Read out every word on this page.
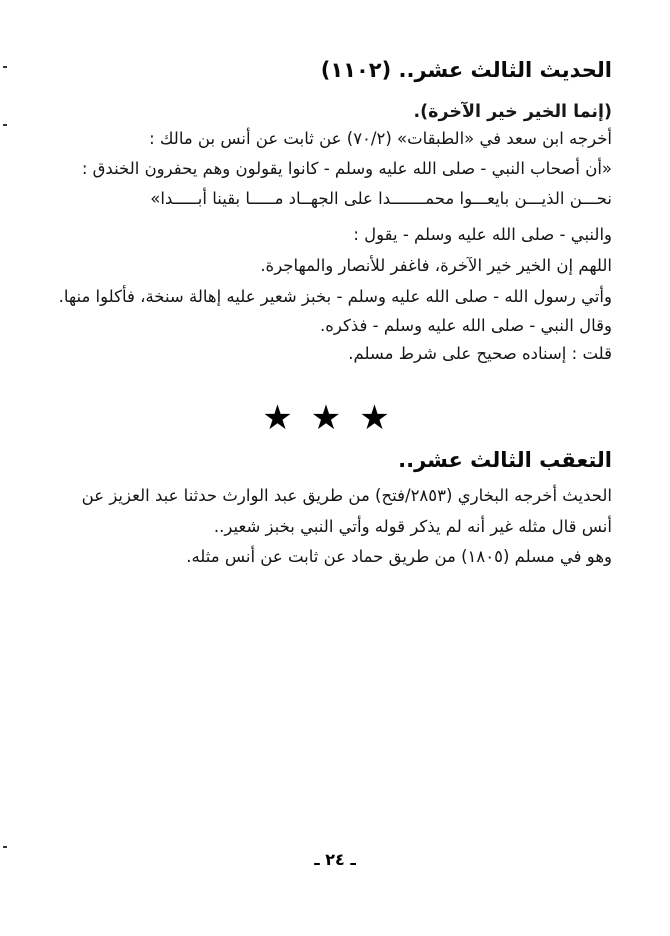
الحديث الثالث عشر.. (١١٠٢)
(إنما الخير خير الآخرة).
أخرجه ابن سعد في «الطبقات» (٧٠/٢) عن ثابت عن أنس بن مالك :
«أن أصحاب النبي - صلى الله عليه وسلم - كانوا يقولون وهم يحفرون الخندق :
نحـــن الذيـــن بايعـــوا محمـــــــدا على الجهــاد مـــــا بقينا أبـــــدا»
والنبي - صلى الله عليه وسلم - يقول :
اللهم إن الخير خير الآخرة، فاغفر للأنصار والمهاجرة.
وأتي رسول الله - صلى الله عليه وسلم - بخبز شعير عليه إهالة سنخة، فأكلوا منها.
وقال النبي - صلى الله عليه وسلم - فذكره.
قلت : إسناده صحيح على شرط مسلم.
★★★
التعقب الثالث عشر..
الحديث أخرجه البخاري (٢٨٥٣/فتح) من طريق عبد الوارث حدثنا عبد العزيز عن
أنس قال مثله غير أنه لم يذكر قوله وأتي النبي بخبز شعير..
وهو في مسلم (١٨٠٥) من طريق حماد عن ثابت عن أنس مثله.
ـ ٢٤ ـ
